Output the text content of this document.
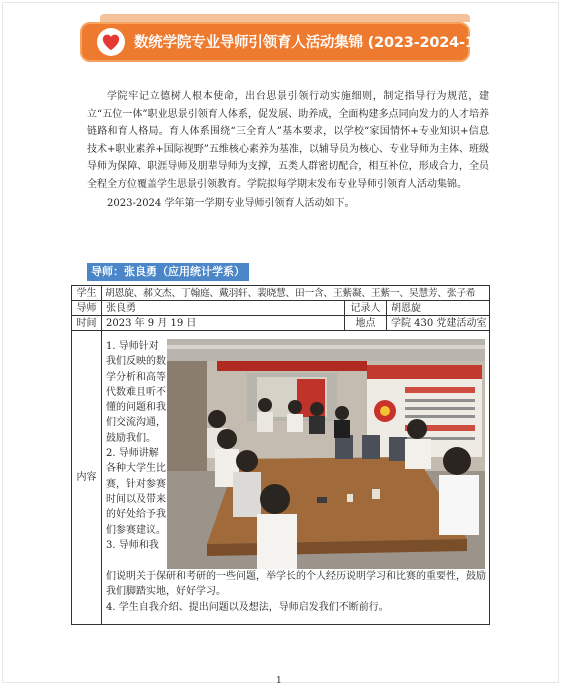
数统学院专业导师引领育人活动集锦 (2023-2024-1)

学院牢记立德树人根本使命，出台思景引领行动实施细则，制定指导行为规范，建立“五位一体”职业思景引领育人体系，促发展、助养成，全面构建多点同向发力的人才培养链路和育人格局。育人体系围绕“三全育人”基本要求，以学校“家国情怀+专业知识+信息技术+职业素养+国际视野”五维核心素养为基准，以辅导员为核心、专业导师为主体、班级导师为保障、职涯导师及朋辈导师为支撑，五类人群密切配合，相互补位，形成合力，全员全程全方位覆盖学生思景引领教育。学院拟每学期末发布专业导师引领育人活动集锦。

2023-2024 学年第一学期专业导师引领育人活动如下。

导师：张良勇（应用统计学系）
学生 胡恩旋、郝文杰、丁翰庭、戴羽轩、裴晓慧、田一含、王紫凝、王紫一、吴慧芳、张子希
导师 张良勇	记录人	胡恩旋
时间 2023 年 9 月 19 日	地点	学院 430 党建活动室
内容
1. 导师针对我们反映的数学分析和高等代数难且听不懂的问题和我们交流沟通，鼓励我们。 2. 导师讲解各种大学生比赛，针对参赛时间以及带来的好处给予我们参赛建议。 3. 导师和我
们说明关于保研和考研的一些问题，举学长的个人经历说明学习和比赛的重要性，鼓励我们脚踏实地，好好学习。
4. 学生自我介绍、提出问题以及想法，导师启发我们不断前行。
1
